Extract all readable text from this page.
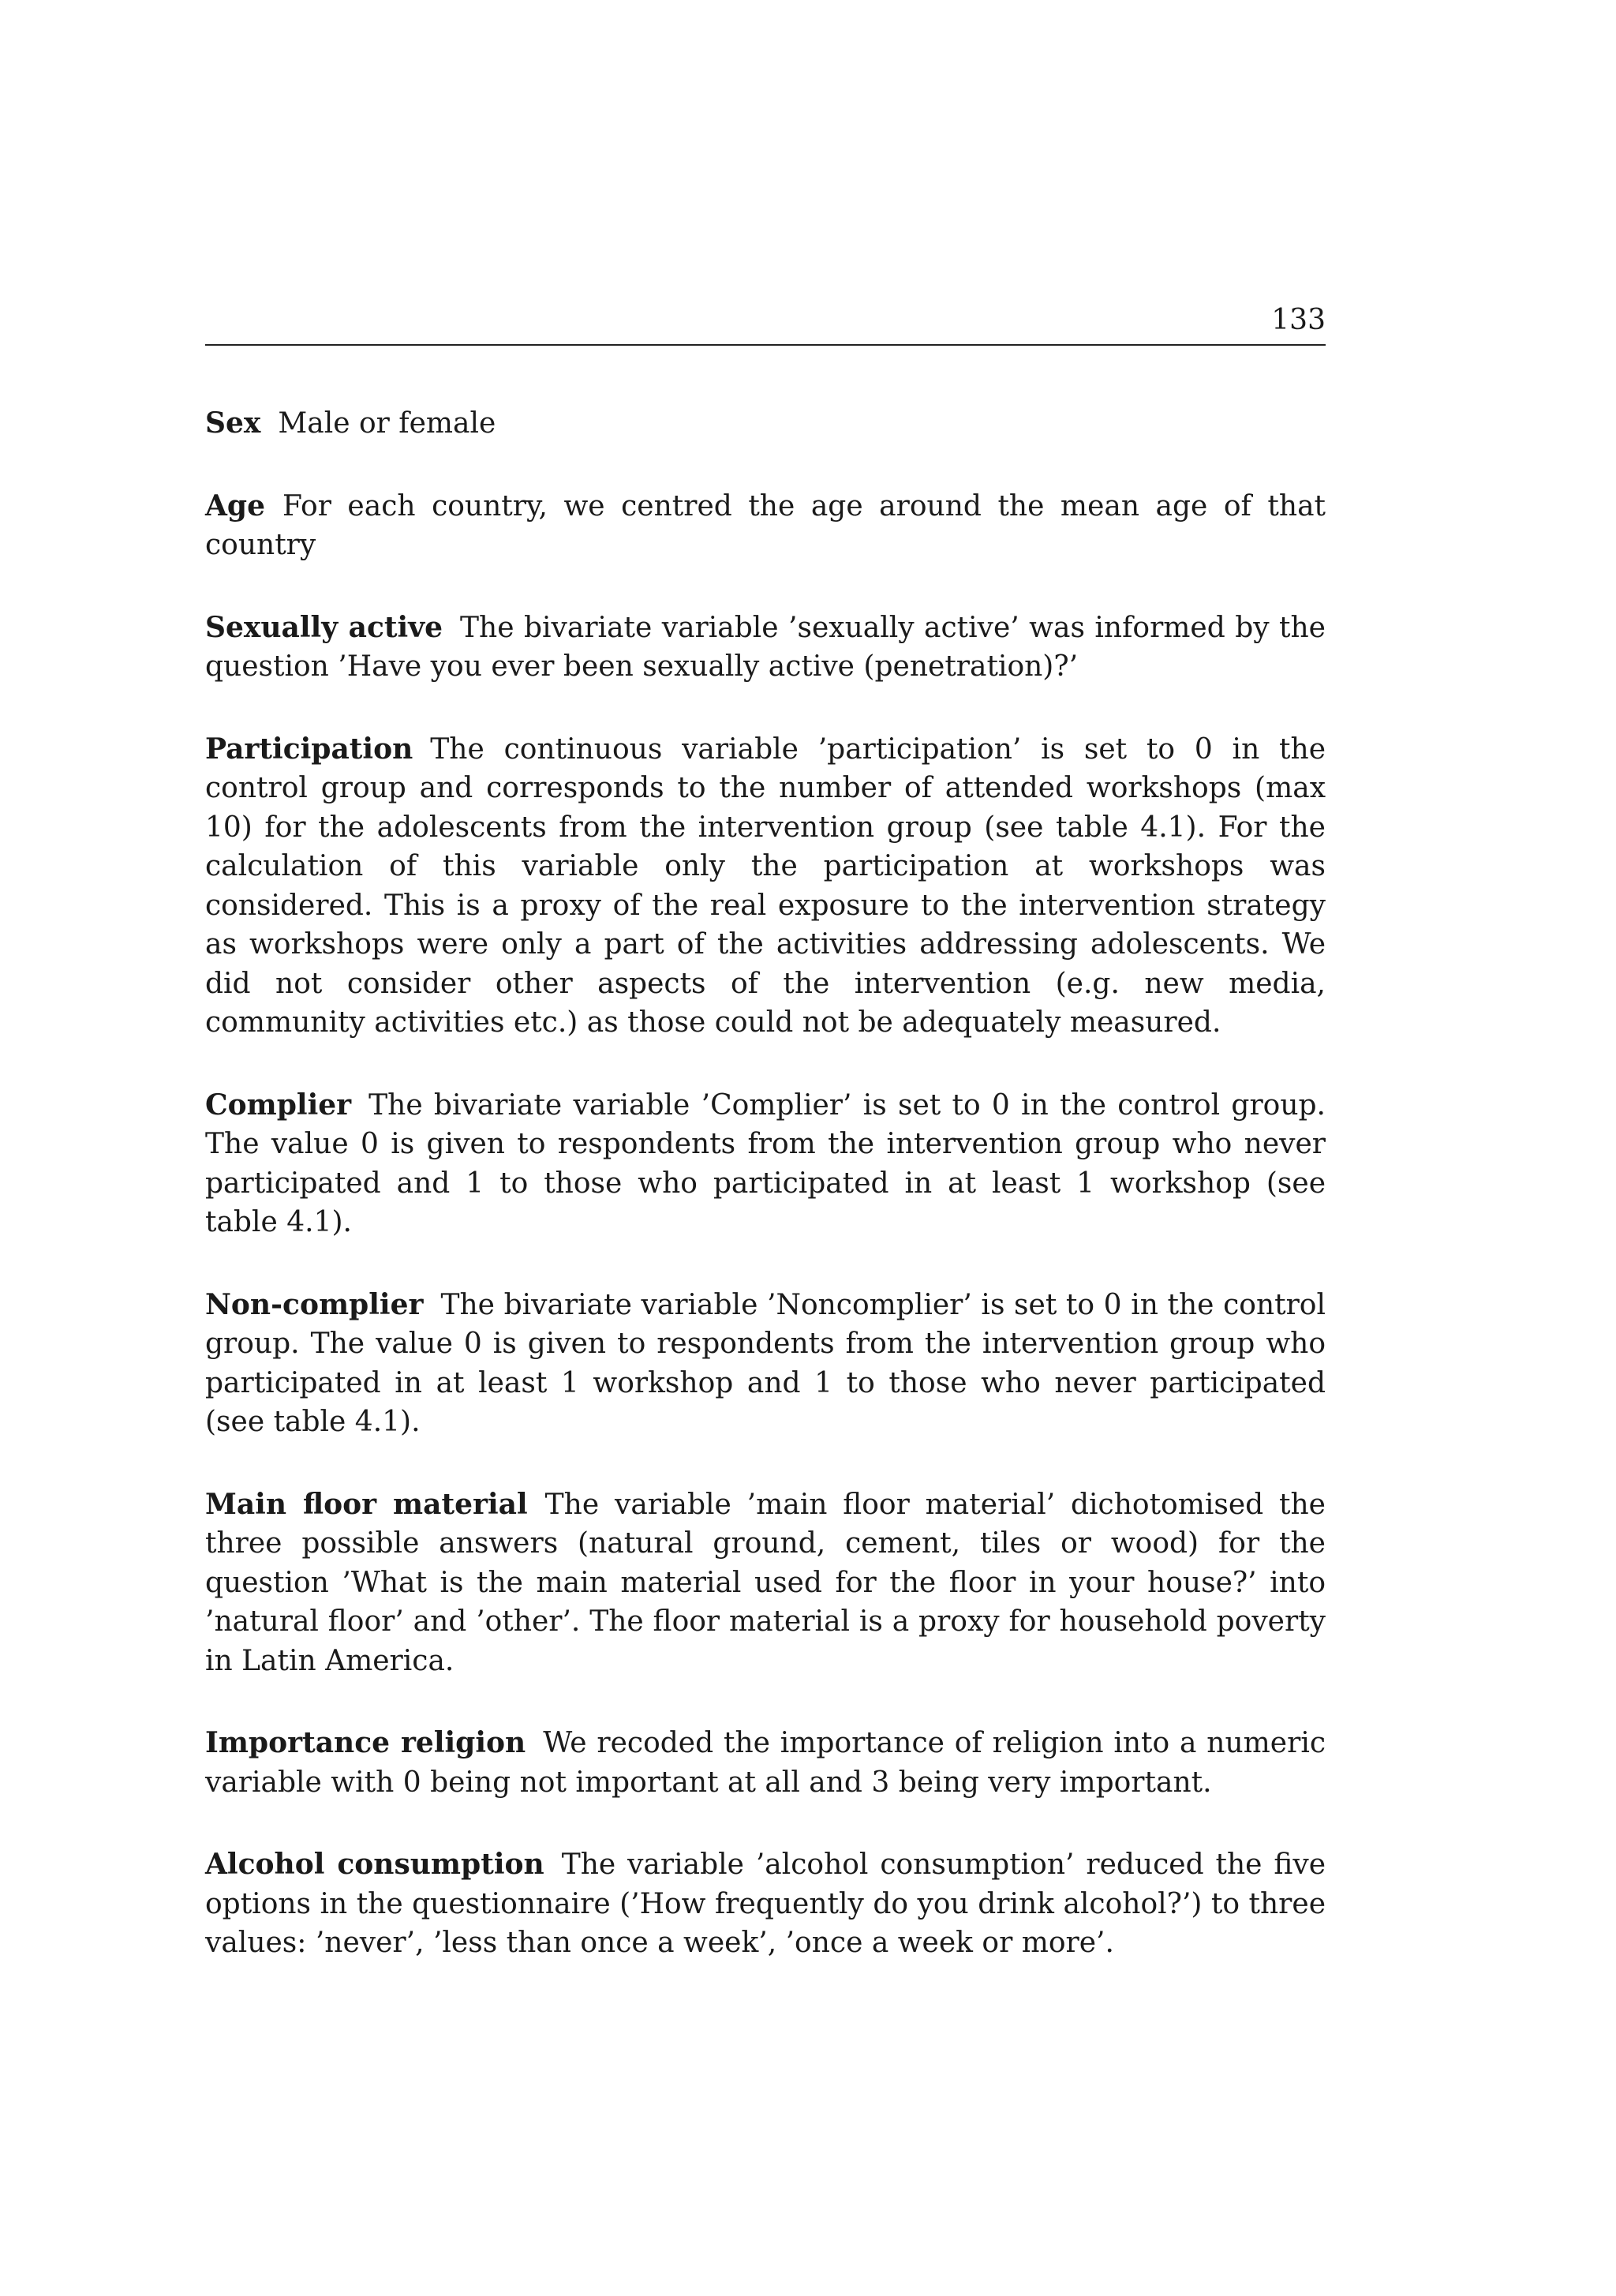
133

Sex Male or female

Age For each country, we centred the age around the mean age of that country

Sexually active The bivariate variable ’sexually active’ was informed by the question ’Have you ever been sexually active (penetration)?’

Participation The continuous variable ’participation’ is set to 0 in the control group and corresponds to the number of attended workshops (max 10) for the adolescents from the intervention group (see table 4.1). For the calculation of this variable only the participation at workshops was considered. This is a proxy of the real exposure to the intervention strategy as workshops were only a part of the activities addressing adolescents. We did not consider other aspects of the intervention (e.g. new media, community activities etc.) as those could not be adequately measured.

Complier The bivariate variable ’Complier’ is set to 0 in the control group. The value 0 is given to respondents from the intervention group who never participated and 1 to those who participated in at least 1 workshop (see table 4.1).

Non-complier The bivariate variable ’Noncomplier’ is set to 0 in the control group. The value 0 is given to respondents from the intervention group who participated in at least 1 workshop and 1 to those who never participated (see table 4.1).

Main floor material The variable ’main floor material’ dichotomised the three possible answers (natural ground, cement, tiles or wood) for the question ’What is the main material used for the floor in your house?’ into ’natural floor’ and ’other’. The floor material is a proxy for household poverty in Latin America.

Importance religion We recoded the importance of religion into a numeric variable with 0 being not important at all and 3 being very important.

Alcohol consumption The variable ’alcohol consumption’ reduced the five options in the questionnaire (’How frequently do you drink alcohol?’) to three values: ’never’, ’less than once a week’, ’once a week or more’.
